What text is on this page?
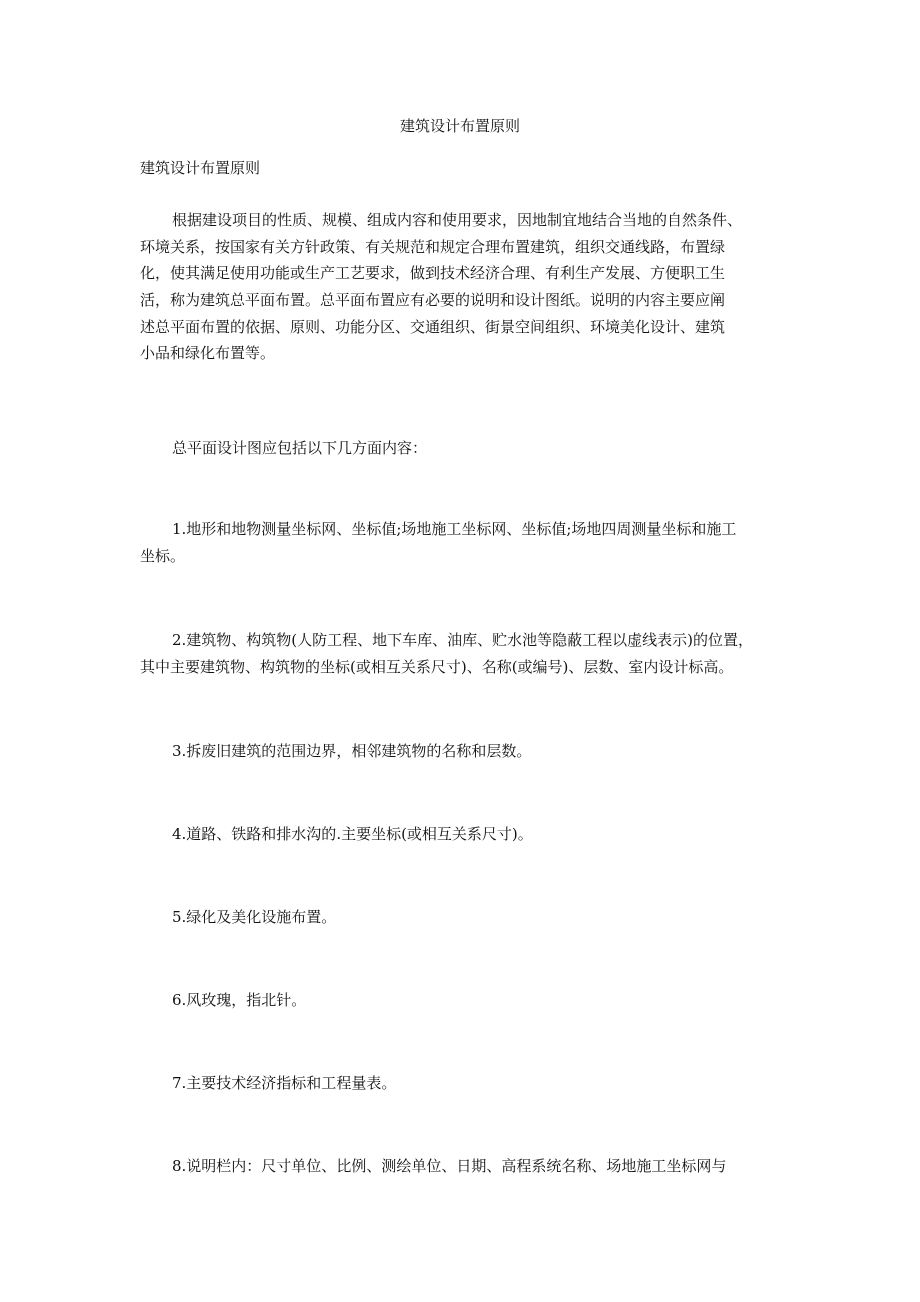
建筑设计布置原则
建筑设计布置原则
根据建设项目的性质、规模、组成内容和使用要求，因地制宜地结合当地的自然条件、
环境关系，按国家有关方针政策、有关规范和规定合理布置建筑，组织交通线路，布置绿
化，使其满足使用功能或生产工艺要求，做到技术经济合理、有利生产发展、方便职工生
活，称为建筑总平面布置。总平面布置应有必要的说明和设计图纸。说明的内容主要应阐
述总平面布置的依据、原则、功能分区、交通组织、街景空间组织、环境美化设计、建筑
小品和绿化布置等。
总平面设计图应包括以下几方面内容：
1.地形和地物测量坐标网、坐标值;场地施工坐标网、坐标值;场地四周测量坐标和施工
坐标。
2.建筑物、构筑物(人防工程、地下车库、油库、贮水池等隐蔽工程以虚线表示)的位置，
其中主要建筑物、构筑物的坐标(或相互关系尺寸)、名称(或编号)、层数、室内设计标高。
3.拆废旧建筑的范围边界，相邻建筑物的名称和层数。
4.道路、铁路和排水沟的.主要坐标(或相互关系尺寸)。
5.绿化及美化设施布置。
6.风玫瑰，指北针。
7.主要技术经济指标和工程量表。
8.说明栏内：尺寸单位、比例、测绘单位、日期、高程系统名称、场地施工坐标网与
